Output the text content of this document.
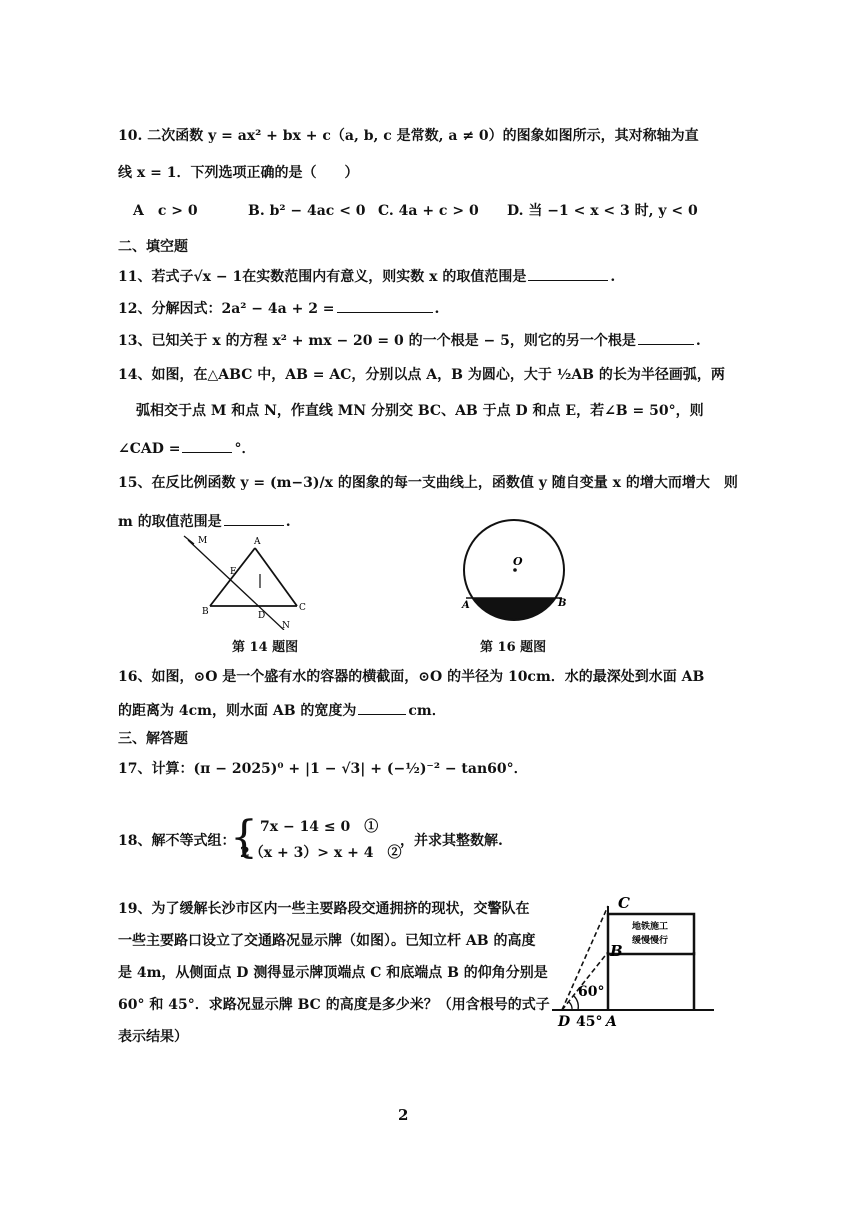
10. 二次函数 y = ax² + bx + c（a, b, c 是常数, a ≠ 0）的图象如图所示，其对称轴为直
线 x = 1．下列选项正确的是（　　）
A　c > 0	B. b² − 4ac < 0 C. 4a + c > 0 D. 当 −1 < x < 3 时, y < 0
二、填空题
11、若式子√x − 1在实数范围内有意义，则实数 x 的取值范围是	.
12、分解因式：2a² − 4a + 2 =	.
13、已知关于 x 的方程 x² + mx − 20 = 0 的一个根是 − 5，则它的另一个根是	.
14、如图，在△ABC 中，AB = AC，分别以点 A，B 为圆心，大于 ½AB 的长为半径画弧，两
弧相交于点 M 和点 N，作直线 MN 分别交 BC、AB 于点 D 和点 E，若∠B = 50°，则
∠CAD =	°．
15、在反比例函数 y = (m−3)/x 的图象的每一支曲线上，函数值 y 随自变量 x 的增大而增大　则
m 的取值范围是	.
M	A
E
B	D
C
N
第 14 题图
O
A	B
第 16 题图
16、如图，⊙O 是一个盛有水的容器的横截面，⊙O 的半径为 10cm．水的最深处到水面 AB
的距离为 4cm，则水面 AB 的宽度为	cm．
三、解答题
17、计算：(π − 2025)⁰ + |1 − √3| + (−½)⁻² − tan60°．
18、解不等式组：
{ 7x − 14 ≤ 0　①
2（x + 3）> x + 4　②
，并求其整数解.
19、为了缓解长沙市区内一些主要路段交通拥挤的现状，交警队在
一些主要路口设立了交通路况显示牌（如图）。已知立杆 AB 的高度
是 4m，从侧面点 D 测得显示牌顶端点 C 和底端点 B 的仰角分别是
60° 和 45°．求路况显示牌 BC 的高度是多少米？（用含根号的式子
表示结果）
地铁施工
缓慢慢行
C
B
60°
D 45° A
2
